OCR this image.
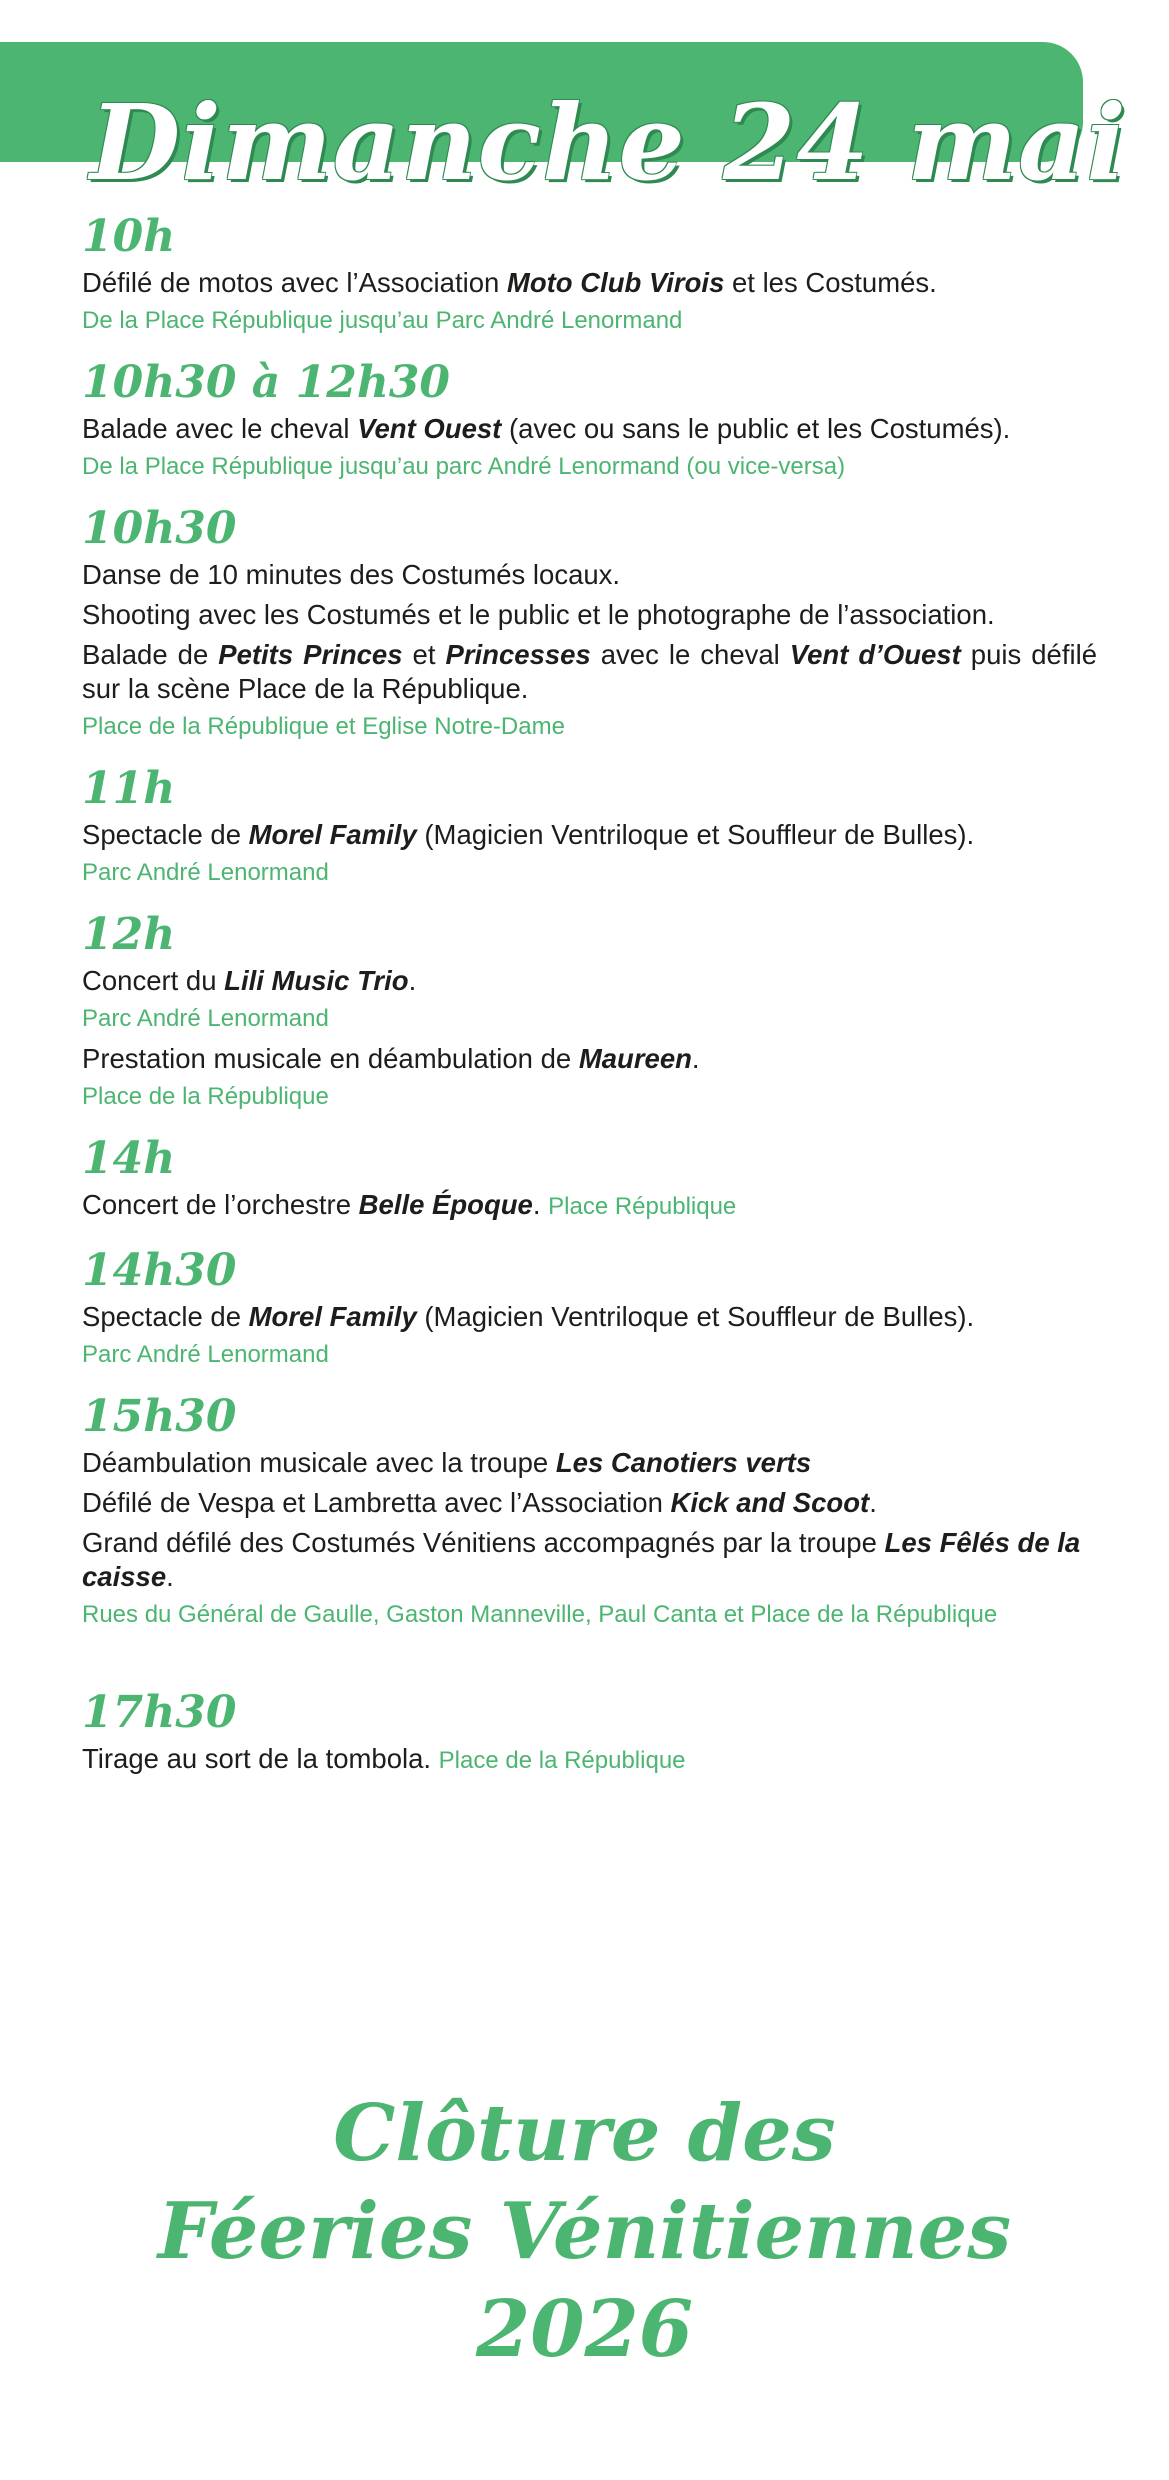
Dimanche 24 mai
10h
Défilé de motos avec l’Association Moto Club Virois et les Costumés.
De la Place République jusqu’au Parc André Lenormand
10h30 à 12h30
Balade avec le cheval Vent Ouest (avec ou sans le public et les Costumés).
De la Place République jusqu’au parc André Lenormand (ou vice-versa)
10h30
Danse de 10 minutes des Costumés locaux.
Shooting avec les Costumés et le public et le photographe de l’association.
Balade de Petits Princes et Princesses avec le cheval Vent d’Ouest puis défilé sur la scène Place de la République.
Place de la République et Eglise Notre-Dame
11h
Spectacle de Morel Family (Magicien Ventriloque et Souffleur de Bulles).
Parc André Lenormand
12h
Concert du Lili Music Trio.
Parc André Lenormand
Prestation musicale en déambulation de Maureen.
Place de la République
14h
Concert de l’orchestre Belle Époque. Place République
14h30
Spectacle de Morel Family (Magicien Ventriloque et Souffleur de Bulles).
Parc André Lenormand
15h30
Déambulation musicale avec la troupe Les Canotiers verts
Défilé de Vespa et Lambretta avec l’Association Kick and Scoot.
Grand défilé des Costumés Vénitiens accompagnés par la troupe Les Fêlés de la caisse.
Rues du Général de Gaulle, Gaston Manneville, Paul Canta et Place de la République
17h30
Tirage au sort de la tombola. Place de la République
Clôture des
Féeries Vénitiennes
2026
